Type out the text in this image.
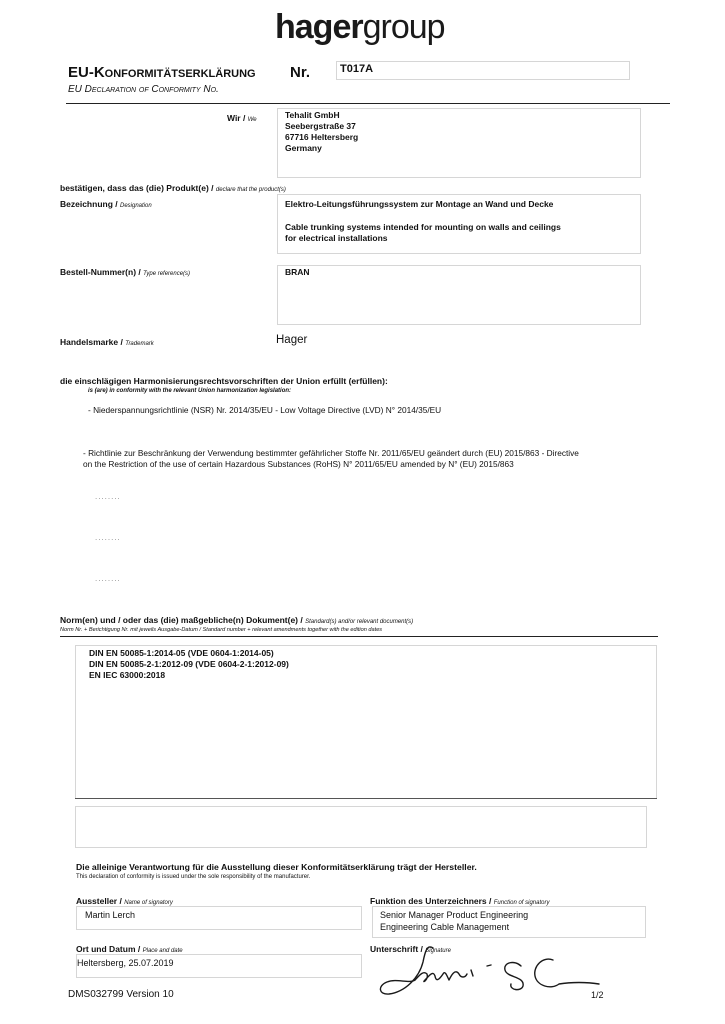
hagergroup
EU-Konformitätserklärung Nr.	T017A
EU Declaration of Conformity No.
Wir / We	Tehalit GmbH
Seebergstraße 37
67716 Heltersberg
Germany
bestätigen, dass das (die) Produkt(e) / declare that the product(s)
Bezeichnung / Designation	Elektro-Leitungsführungssystem zur Montage an Wand und Decke
Cable trunking systems intended for mounting on walls and ceilings
for electrical installations
Bestell-Nummer(n) / Type reference(s)	BRAN
Handelsmarke / Trademark	Hager
die einschlägigen Harmonisierungsrechtsvorschriften der Union erfüllt (erfüllen):
is (are) in conformity with the relevant Union harmonization legislation:
- Niederspannungsrichtlinie (NSR) Nr. 2014/35/EU - Low Voltage Directive (LVD) N° 2014/35/EU
- Richtlinie zur Beschränkung der Verwendung bestimmter gefährlicher Stoffe Nr. 2011/65/EU geändert durch (EU) 2015/863 - Directive
on the Restriction of the use of certain Hazardous Substances (RoHS) N° 2011/65/EU amended by N° (EU) 2015/863
........
........
........
Norm(en) und / oder das (die) maßgebliche(n) Dokument(e) / Standard(s) and/or relevant document(s)
Norm Nr. + Berichtigung Nr. mit jeweils Ausgabe-Datum / Standard number + relevant amendments together with the edition dates
DIN EN 50085-1:2014-05 (VDE 0604-1:2014-05)
DIN EN 50085-2-1:2012-09 (VDE 0604-2-1:2012-09)
EN IEC 63000:2018
Die alleinige Verantwortung für die Ausstellung dieser Konformitätserklärung trägt der Hersteller.
This declaration of conformity is issued under the sole responsibility of the manufacturer.
Aussteller / Name of signatory
Martin Lerch
Funktion des Unterzeichners / Function of signatory
Senior Manager Product Engineering
Engineering Cable Management
Ort und Datum / Place and date
Heltersberg, 25.07.2019
Unterschrift / Signature
DMS032799 Version 10	1/2
